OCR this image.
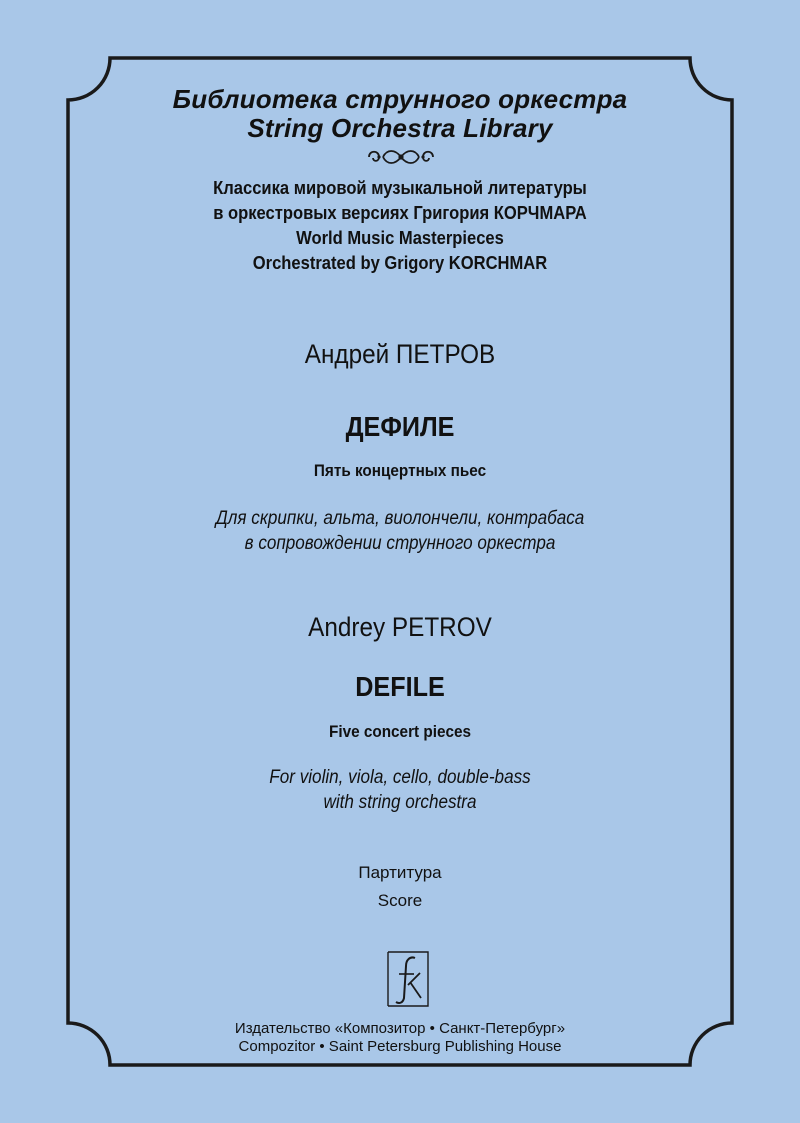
Библиотека струнного оркестра
String Orchestra Library
Классика мировой музыкальной литературы
в оркестровых версиях Григория КОРЧМАРА
World Music Masterpieces
Orchestrated by Grigory KORCHMAR
Андрей ПЕТРОВ
ДЕФИЛЕ
Пять концертных пьес
Для скрипки, альта, виолончели, контрабаса
в сопровождении струнного оркестра
Andrey PETROV
DEFILE
Five concert pieces
For violin, viola, cello, double-bass
with string orchestra
Партитура
Score
Издательство «Композитор • Санкт-Петербург»
Compozitor • Saint Petersburg Publishing House
